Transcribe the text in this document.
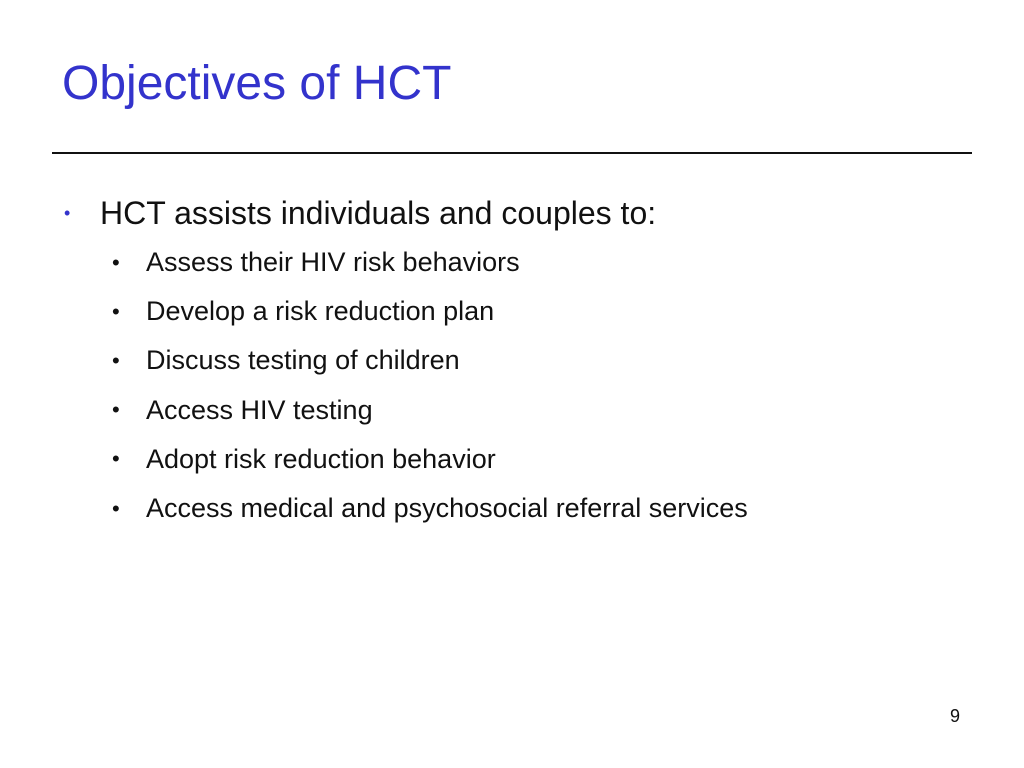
Objectives of HCT
• HCT assists individuals and couples to:
• Assess their HIV risk behaviors
• Develop a risk reduction plan
• Discuss testing of children
• Access HIV testing
• Adopt risk reduction behavior
• Access medical and psychosocial referral services
9
